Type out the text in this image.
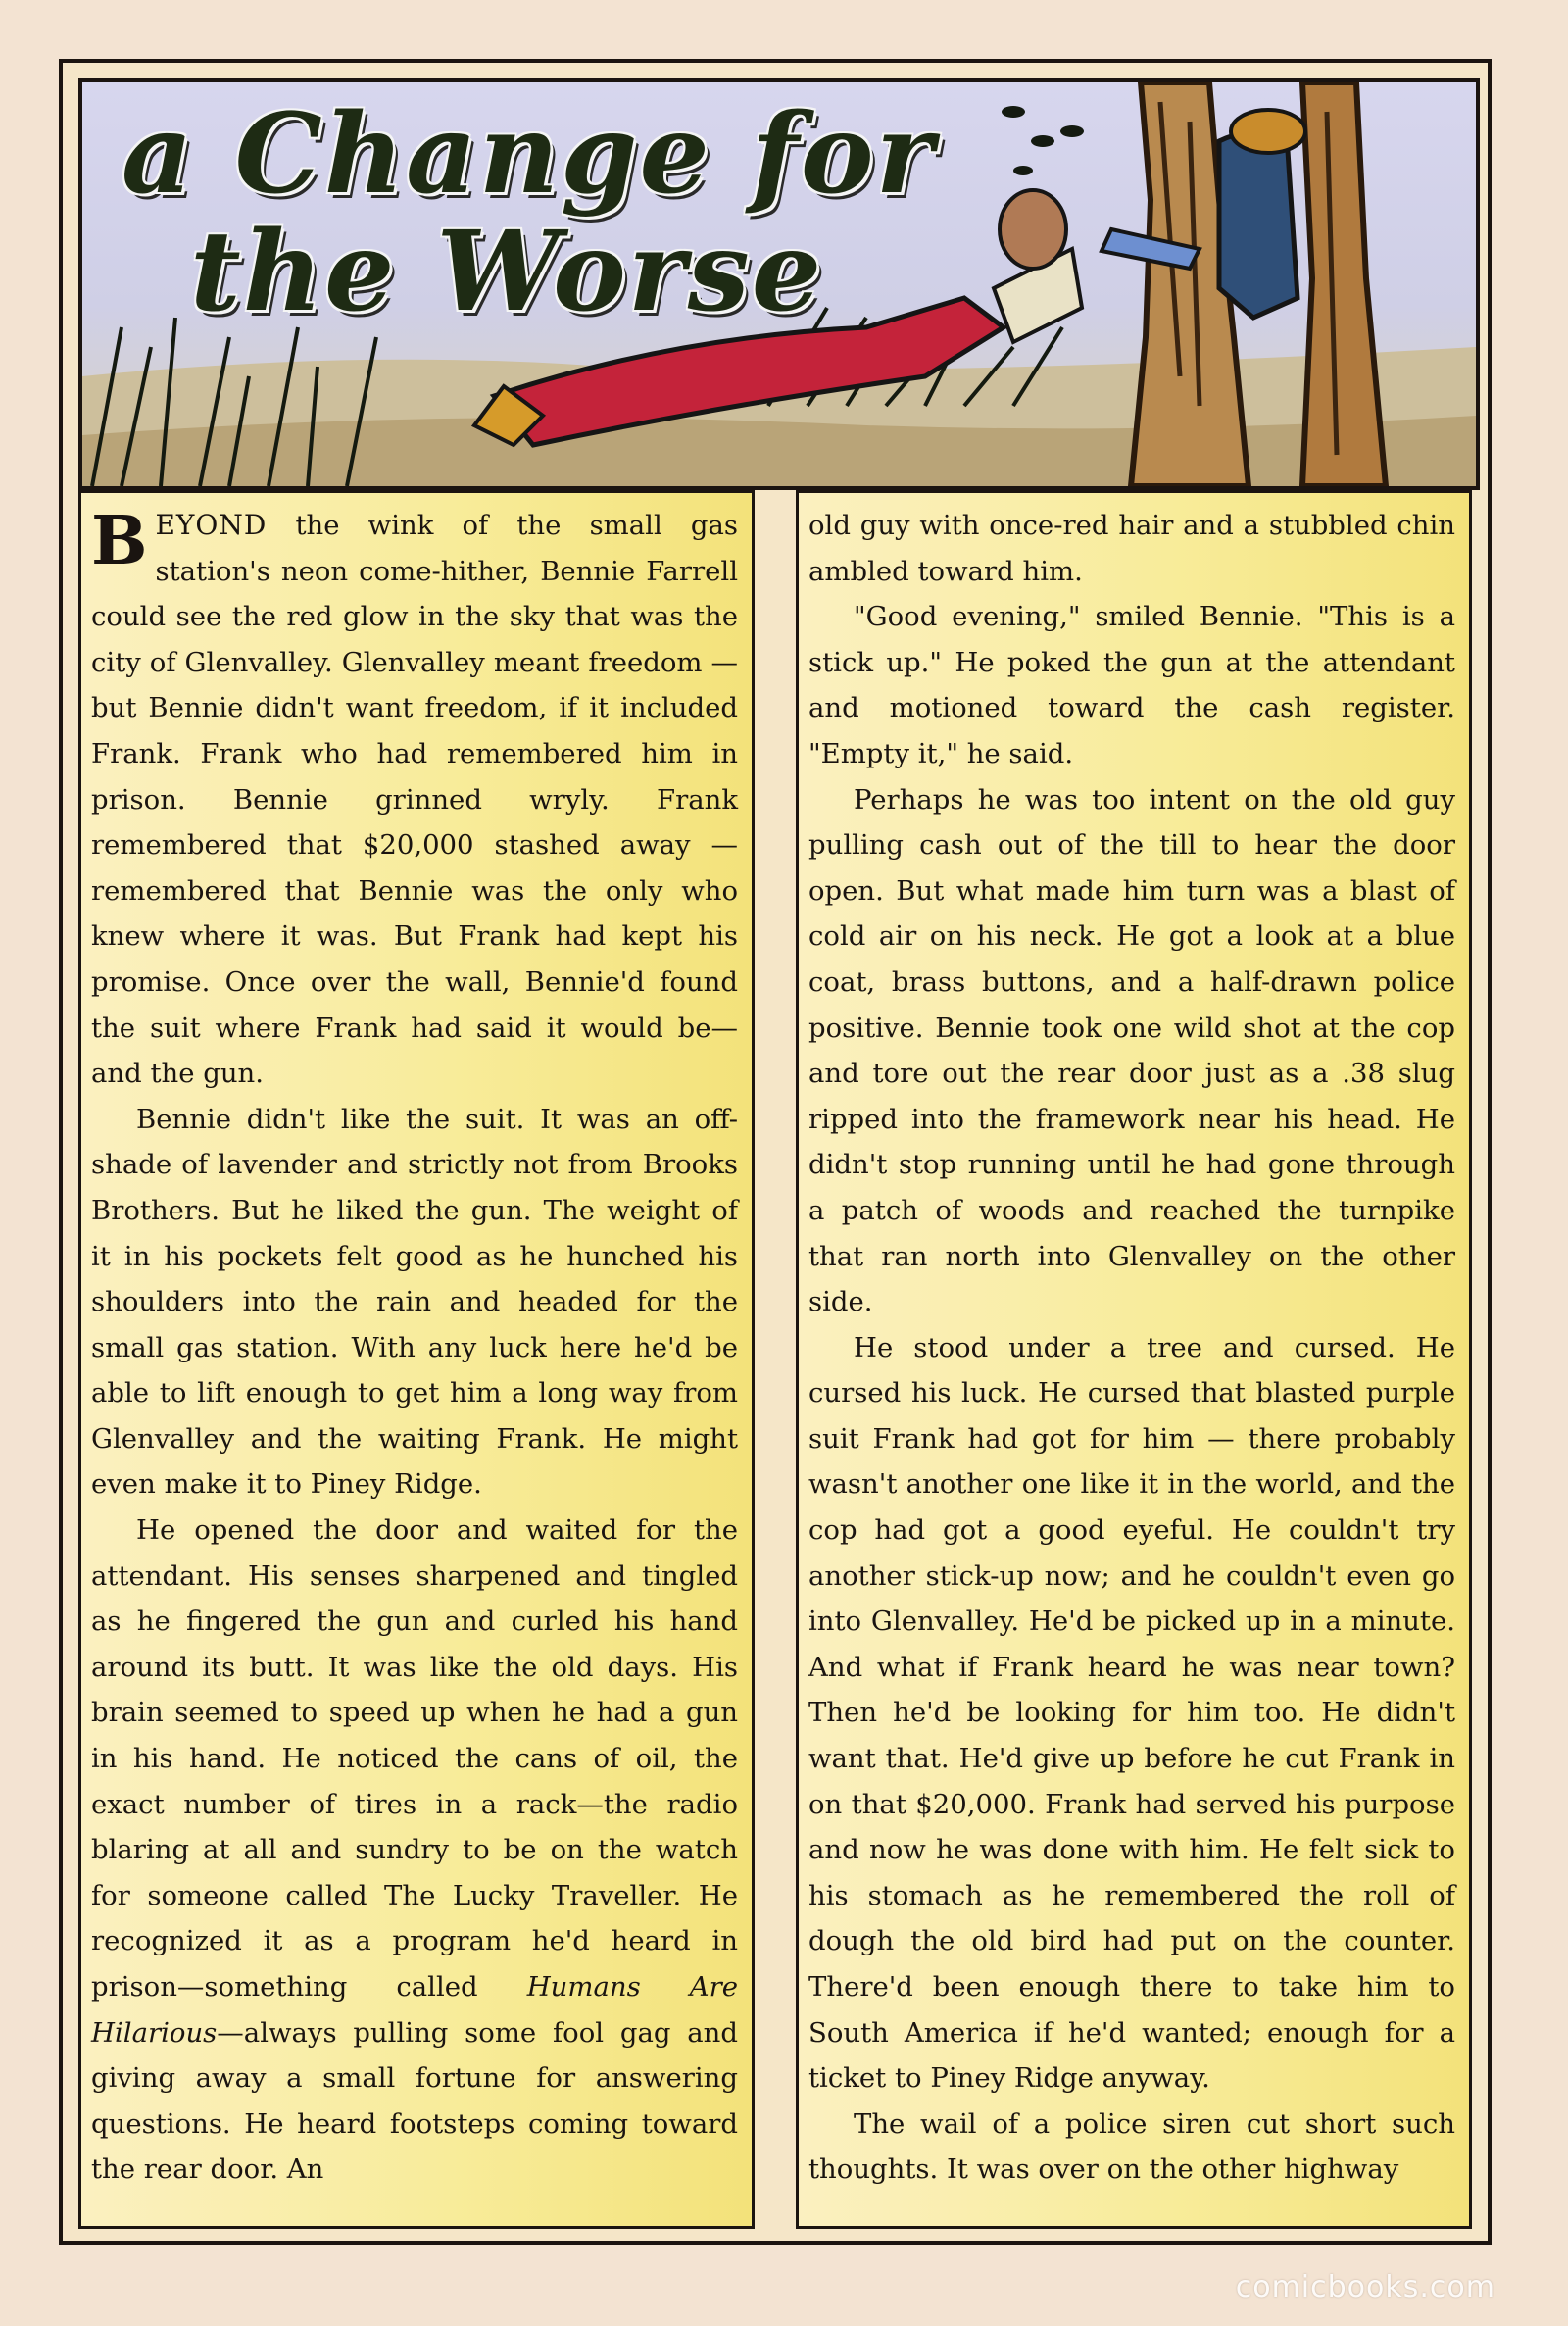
a Change for
the Worse

BEYOND the wink of the small gas station's neon come-hither, Bennie Farrell could see the red glow in the sky that was the city of Glenvalley. Glenvalley meant freedom — but Bennie didn't want freedom, if it included Frank. Frank who had remembered him in prison. Bennie grinned wryly. Frank remembered that $20,000 stashed away — remembered that Bennie was the only who knew where it was. But Frank had kept his promise. Once over the wall, Bennie'd found the suit where Frank had said it would be—and the gun.

Bennie didn't like the suit. It was an off-shade of lavender and strictly not from Brooks Brothers. But he liked the gun. The weight of it in his pockets felt good as he hunched his shoulders into the rain and headed for the small gas station. With any luck here he'd be able to lift enough to get him a long way from Glenvalley and the waiting Frank. He might even make it to Piney Ridge.

He opened the door and waited for the attendant. His senses sharpened and tingled as he fingered the gun and curled his hand around its butt. It was like the old days. His brain seemed to speed up when he had a gun in his hand. He noticed the cans of oil, the exact number of tires in a rack—the radio blaring at all and sundry to be on the watch for someone called The Lucky Traveller. He recognized it as a program he'd heard in prison—something called Humans Are Hilarious—always pulling some fool gag and giving away a small fortune for answering questions. He heard footsteps coming toward the rear door. An

old guy with once-red hair and a stubbled chin ambled toward him.

"Good evening," smiled Bennie. "This is a stick up." He poked the gun at the attendant and motioned toward the cash register. "Empty it," he said.

Perhaps he was too intent on the old guy pulling cash out of the till to hear the door open. But what made him turn was a blast of cold air on his neck. He got a look at a blue coat, brass buttons, and a half-drawn police positive. Bennie took one wild shot at the cop and tore out the rear door just as a .38 slug ripped into the framework near his head. He didn't stop running until he had gone through a patch of woods and reached the turnpike that ran north into Glenvalley on the other side.

He stood under a tree and cursed. He cursed his luck. He cursed that blasted purple suit Frank had got for him — there probably wasn't another one like it in the world, and the cop had got a good eyeful. He couldn't try another stick-up now; and he couldn't even go into Glenvalley. He'd be picked up in a minute. And what if Frank heard he was near town? Then he'd be looking for him too. He didn't want that. He'd give up before he cut Frank in on that $20,000. Frank had served his purpose and now he was done with him. He felt sick to his stomach as he remembered the roll of dough the old bird had put on the counter. There'd been enough there to take him to South America if he'd wanted; enough for a ticket to Piney Ridge anyway.

The wail of a police siren cut short such thoughts. It was over on the other highway

comicbooks.com
